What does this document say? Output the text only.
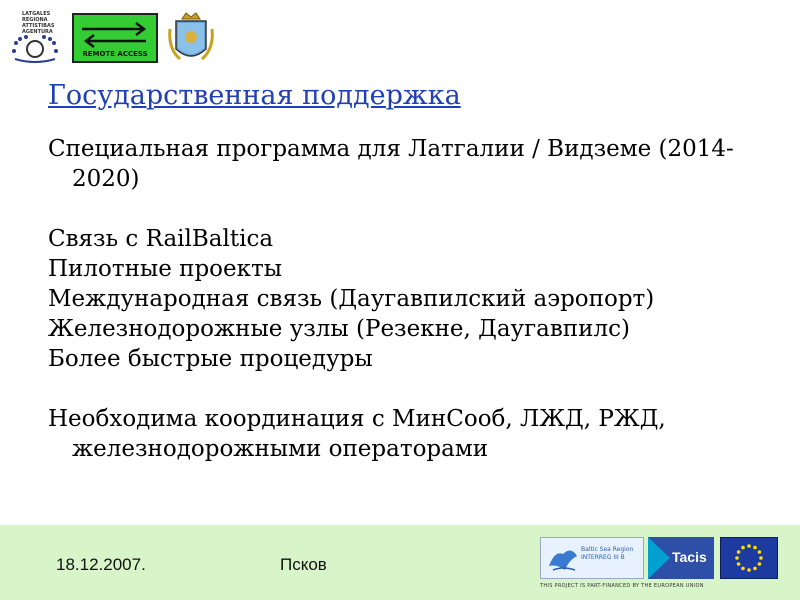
LATGALES
REGIONA
ATTISTIBAS
AGENTURA
REMOTE ACCESS
Государственная поддержка
Специальная программа для Латгалии / Видземе (2014-2020)
Связь с RailBaltica
Пилотные проекты
Международная связь (Даугавпилский аэропорт)
Железнодорожные узлы (Резекне, Даугавпилс)
Более быстрые процедуры
Необходима координация с МинСооб, ЛЖД, РЖД, железнодорожными операторами
18.12.2007.	Псков
Baltic Sea Region INTERREG III B	Tacis
THIS PROJECT IS PART-FINANCED BY THE EUROPEAN UNION
